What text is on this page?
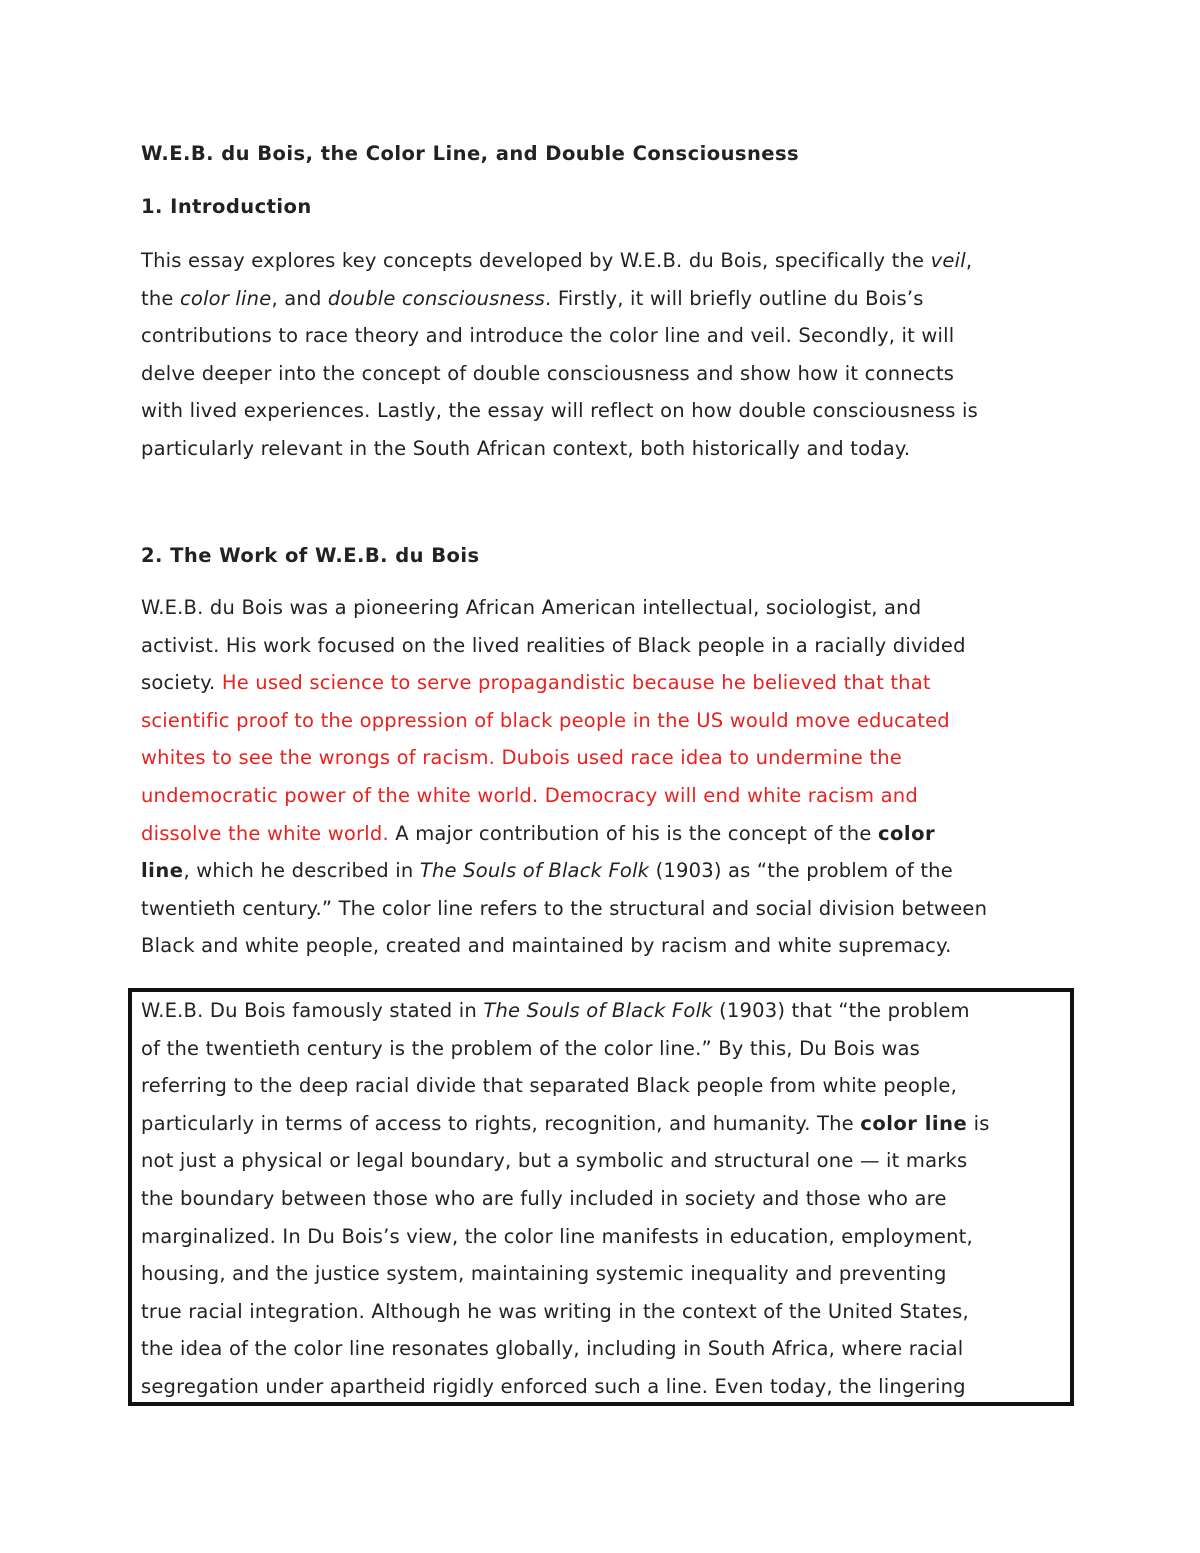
W.E.B. du Bois, the Color Line, and Double Consciousness
1. Introduction
This essay explores key concepts developed by W.E.B. du Bois, specifically the veil,
the color line, and double consciousness. Firstly, it will briefly outline du Bois’s
contributions to race theory and introduce the color line and veil. Secondly, it will
delve deeper into the concept of double consciousness and show how it connects
with lived experiences. Lastly, the essay will reflect on how double consciousness is
particularly relevant in the South African context, both historically and today.
2. The Work of W.E.B. du Bois
W.E.B. du Bois was a pioneering African American intellectual, sociologist, and
activist. His work focused on the lived realities of Black people in a racially divided
society. He used science to serve propagandistic because he believed that that
scientific proof to the oppression of black people in the US would move educated
whites to see the wrongs of racism. Dubois used race idea to undermine the
undemocratic power of the white world. Democracy will end white racism and
dissolve the white world. A major contribution of his is the concept of the color
line, which he described in The Souls of Black Folk (1903) as “the problem of the
twentieth century.” The color line refers to the structural and social division between
Black and white people, created and maintained by racism and white supremacy.
W.E.B. Du Bois famously stated in The Souls of Black Folk (1903) that “the problem
of the twentieth century is the problem of the color line.” By this, Du Bois was
referring to the deep racial divide that separated Black people from white people,
particularly in terms of access to rights, recognition, and humanity. The color line is
not just a physical or legal boundary, but a symbolic and structural one — it marks
the boundary between those who are fully included in society and those who are
marginalized. In Du Bois’s view, the color line manifests in education, employment,
housing, and the justice system, maintaining systemic inequality and preventing
true racial integration. Although he was writing in the context of the United States,
the idea of the color line resonates globally, including in South Africa, where racial
segregation under apartheid rigidly enforced such a line. Even today, the lingering
